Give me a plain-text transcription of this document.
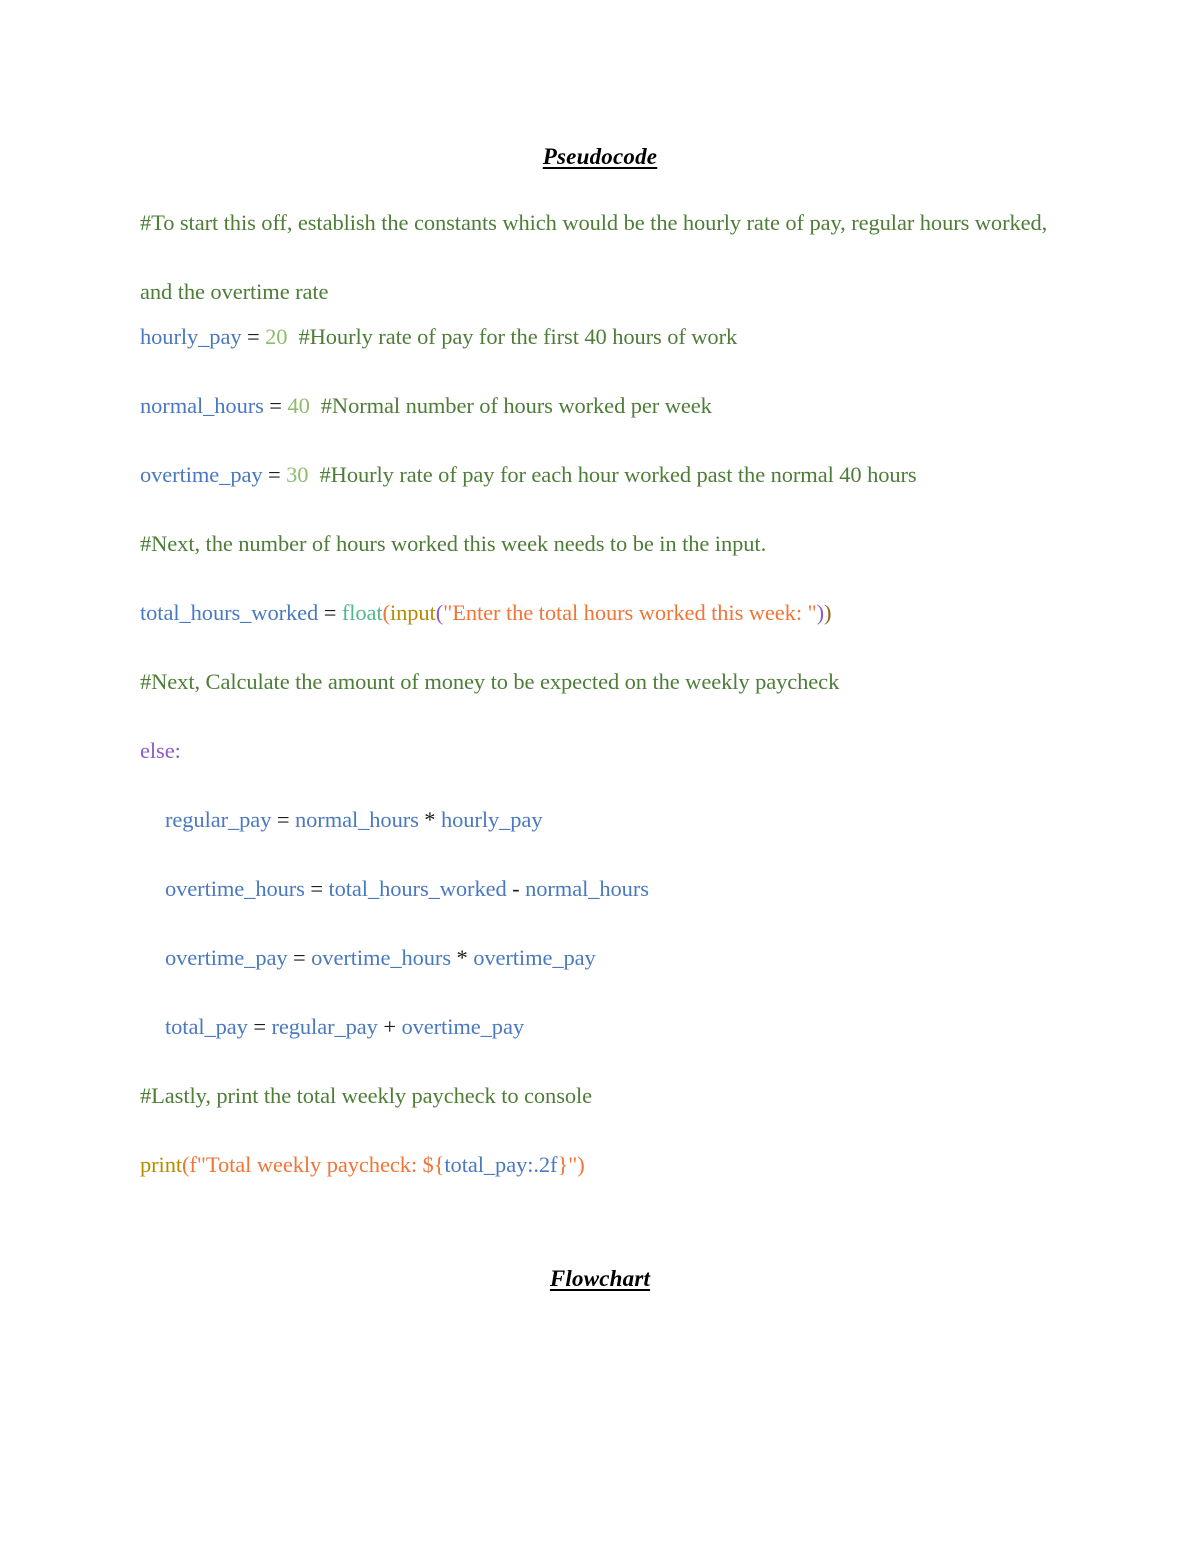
Pseudocode
#To start this off, establish the constants which would be the hourly rate of pay, regular hours worked, and the overtime rate
hourly_pay = 20  #Hourly rate of pay for the first 40 hours of work
normal_hours = 40  #Normal number of hours worked per week
overtime_pay = 30  #Hourly rate of pay for each hour worked past the normal 40 hours
#Next, the number of hours worked this week needs to be in the input.
total_hours_worked = float(input("Enter the total hours worked this week: "))
#Next, Calculate the amount of money to be expected on the weekly paycheck
else:
regular_pay = normal_hours * hourly_pay
overtime_hours = total_hours_worked - normal_hours
overtime_pay = overtime_hours * overtime_pay
total_pay = regular_pay + overtime_pay
#Lastly, print the total weekly paycheck to console
print(f"Total weekly paycheck: ${total_pay:.2f}")
Flowchart
